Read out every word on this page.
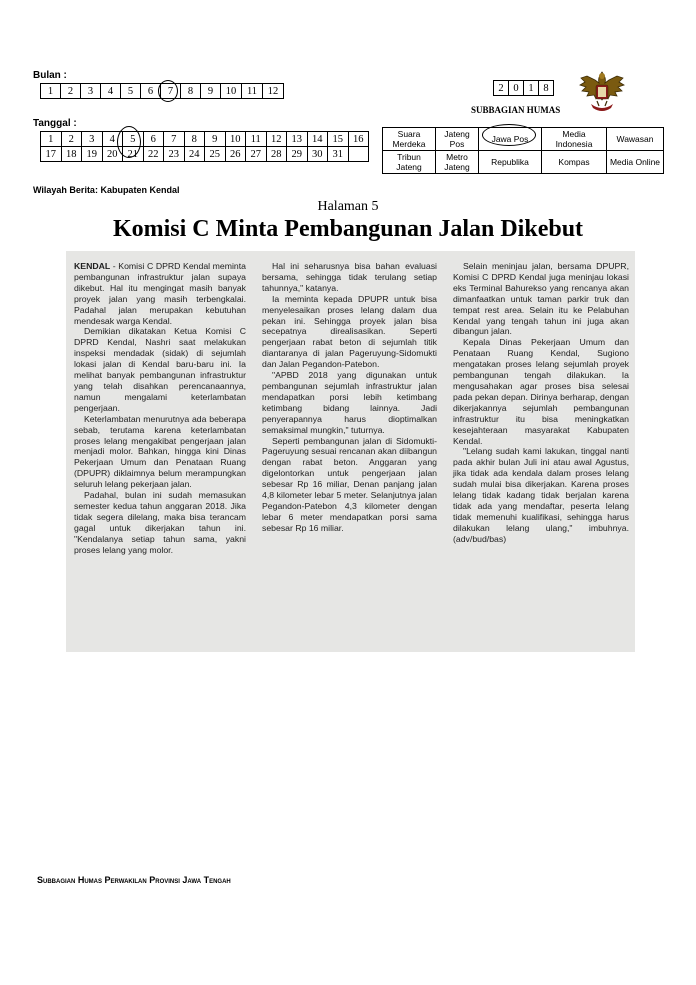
Bulan :
1	2	3	4	5	6	7	8	9	10	11	12
Tanggal :
1	2	3	4	5	6	7	8	9	10	11	12	13	14	15	16
17	18	19	20	21	22	23	24	25	26	27	28	29	30	31	
2	0	1	8
SUBBAGIAN HUMAS
Suara Merdeka	Jateng Pos	Jawa Pos	Media Indonesia	Wawasan
Tribun Jateng	Metro Jateng	Republika	Kompas	Media Online
Wilayah Berita: Kabupaten Kendal
Halaman 5
Komisi C Minta Pembangunan Jalan Dikebut

KENDAL - Komisi C DPRD Kendal meminta pembangunan infrastruktur jalan supaya dikebut. Hal itu mengingat masih banyak proyek jalan yang masih terbengkalai. Padahal jalan merupakan kebutuhan mendesak warga Kendal.

Demikian dikatakan Ketua Komisi C DPRD Kendal, Nashri saat melakukan inspeksi mendadak (sidak) di sejumlah lokasi jalan di Kendal baru-baru ini. Ia melihat banyak pembangunan infrastruktur yang telah disahkan perencanaannya, namun mengalami keterlambatan pengerjaan.

Keterlambatan menurutnya ada beberapa sebab, terutama karena keterlambatan proses lelang mengakibat pengerjaan jalan menjadi molor. Bahkan, hingga kini Dinas Pekerjaan Umum dan Penataan Ruang (DPUPR) diklaimnya belum merampungkan seluruh lelang pekerjaan jalan.

Padahal, bulan ini sudah memasukan semester kedua tahun anggaran 2018. Jika tidak segera dilelang, maka bisa terancam gagal untuk dikerjakan tahun ini. "Kendalanya setiap tahun sama, yakni proses lelang yang molor.

Hal ini seharusnya bisa bahan evaluasi bersama, sehingga tidak terulang setiap tahunnya," katanya.

Ia meminta kepada DPUPR untuk bisa menyelesaikan proses lelang dalam dua pekan ini. Sehingga proyek jalan bisa secepatnya direalisasikan. Seperti pengerjaan rabat beton di sejumlah titik diantaranya di jalan Pageruyung-Sidomukti dan Jalan Pegandon-Patebon.

"APBD 2018 yang digunakan untuk pembangunan sejumlah infrastruktur jalan mendapatkan porsi lebih ketimbang ketimbang bidang lainnya. Jadi penyerapannya harus dioptimalkan semaksimal mungkin," tuturnya.

Seperti pembangunan jalan di Sidomukti-Pageruyung sesuai rencanan akan diibangun dengan rabat beton. Anggaran yang digelontorkan untuk pengerjaan jalan sebesar Rp 16 miliar, Denan panjang jalan 4,8 kilometer lebar 5 meter. Selanjutnya jalan Pegandon-Patebon 4,3 kilometer dengan lebar 6 meter mendapatkan porsi sama sebesar Rp 16 miliar.

Selain meninjau jalan, bersama DPUPR, Komisi C DPRD Kendal juga meninjau lokasi eks Terminal Bahurekso yang rencanya akan dimanfaatkan untuk taman parkir truk dan tempat rest area. Selain itu ke Pelabuhan Kendal yang tengah tahun ini juga akan dibangun jalan.

Kepala Dinas Pekerjaan Umum dan Penataan Ruang Kendal, Sugiono mengatakan proses lelang sejumlah proyek pembangunan tengah dilakukan. Ia mengusahakan agar proses bisa selesai pada pekan depan. Dirinya berharap, dengan dikerjakannya sejumlah pembangunan infrastruktur itu bisa meningkatkan kesejahteraan masyarakat Kabupaten Kendal.

"Lelang sudah kami lakukan, tinggal nanti pada akhir bulan Juli ini atau awal Agustus, jika tidak ada kendala dalam proses lelang sudah mulai bisa dikerjakan. Karena proses lelang tidak kadang tidak berjalan karena tidak ada yang mendaftar, peserta lelang tidak memenuhi kualifikasi, sehingga harus dilakukan lelang ulang," imbuhnya. (adv/bud/bas)

Subbagian Humas Perwakilan Provinsi Jawa Tengah
